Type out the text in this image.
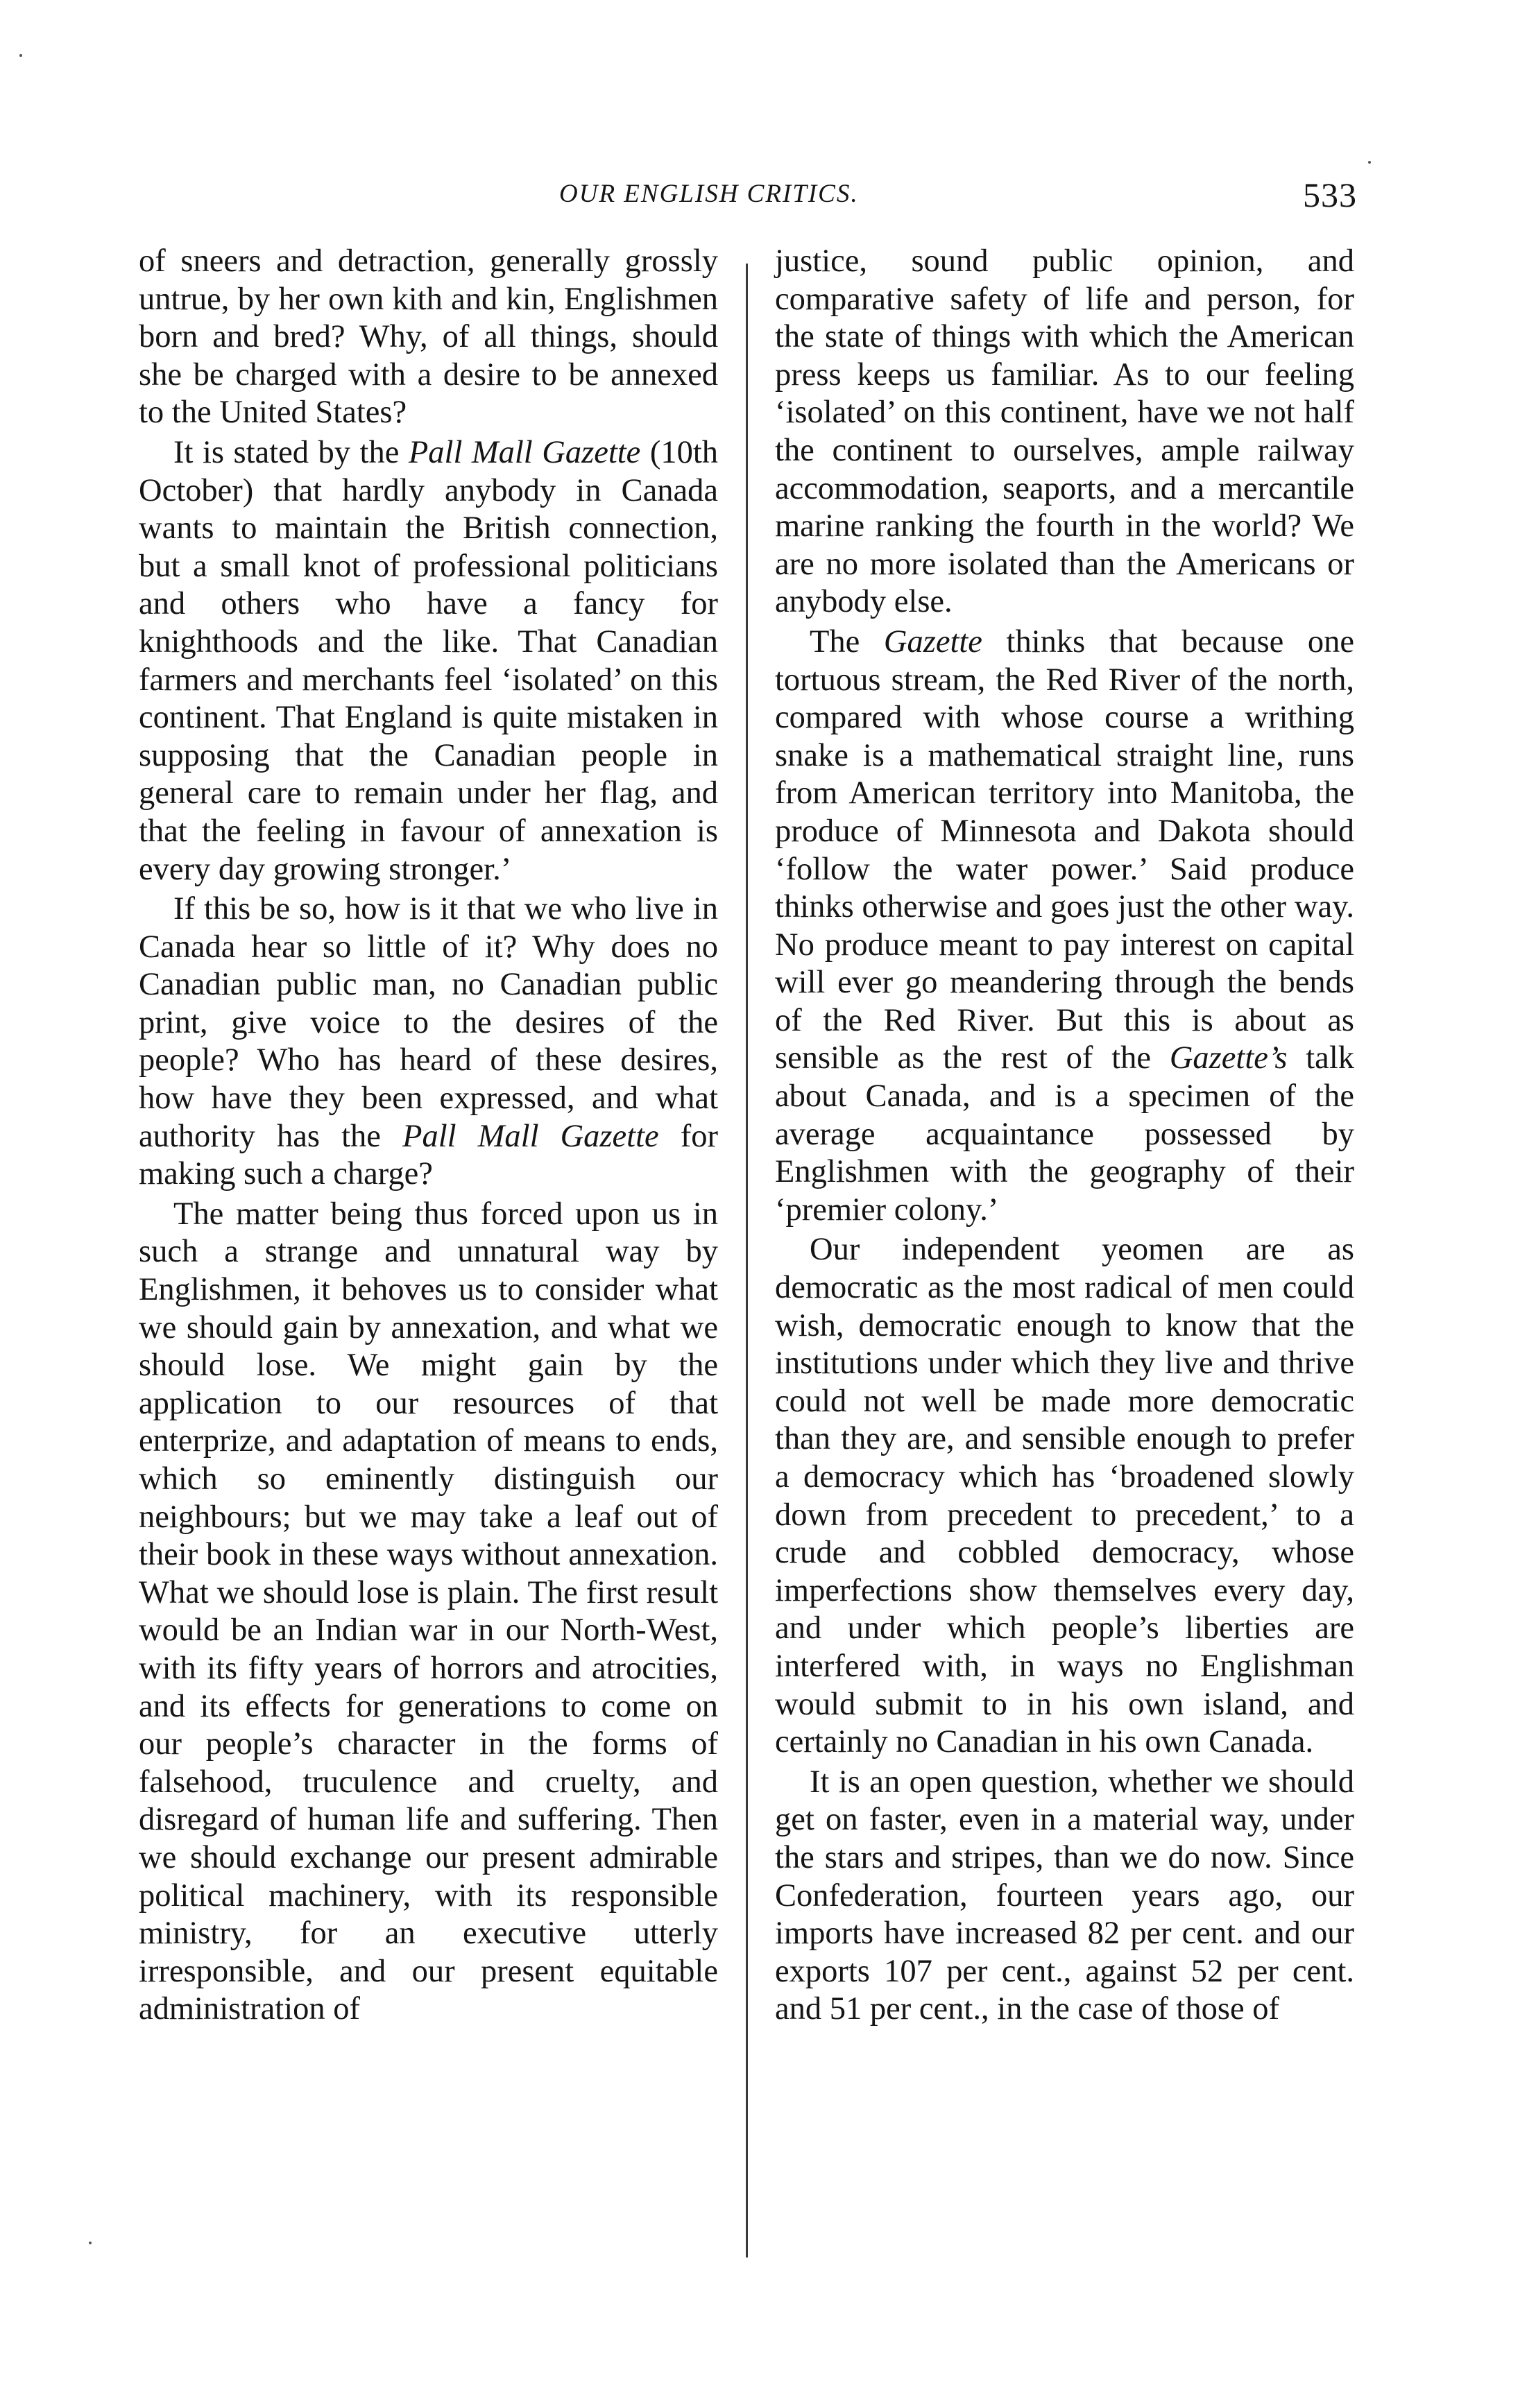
OUR ENGLISH CRITICS.	533

of sneers and detraction, generally grossly untrue, by her own kith and kin, Englishmen born and bred? Why, of all things, should she be charged with a desire to be annexed to the United States?

It is stated by the Pall Mall Gazette (10th October) that hardly anybody in Canada wants to maintain the British connection, but a small knot of professional politicians and others who have a fancy for knighthoods and the like. That Canadian farmers and merchants feel ‘isolated’ on this continent. That England is quite mistaken in supposing that the Canadian people in general care to remain under her flag, and that the feeling in favour of annexation is every day growing stronger.’

If this be so, how is it that we who live in Canada hear so little of it? Why does no Canadian public man, no Canadian public print, give voice to the desires of the people? Who has heard of these desires, how have they been expressed, and what authority has the Pall Mall Gazette for making such a charge?

The matter being thus forced upon us in such a strange and unnatural way by Englishmen, it behoves us to consider what we should gain by annexation, and what we should lose. We might gain by the application to our resources of that enterprize, and adaptation of means to ends, which so eminently distinguish our neighbours; but we may take a leaf out of their book in these ways without annexation. What we should lose is plain. The first result would be an Indian war in our North-West, with its fifty years of horrors and atrocities, and its effects for generations to come on our people’s character in the forms of falsehood, truculence and cruelty, and disregard of human life and suffering. Then we should exchange our present admirable political machinery, with its responsible ministry, for an executive utterly irresponsible, and our present equitable administration of

justice, sound public opinion, and comparative safety of life and person, for the state of things with which the American press keeps us familiar. As to our feeling ‘isolated’ on this continent, have we not half the continent to ourselves, ample railway accommodation, seaports, and a mercantile marine ranking the fourth in the world? We are no more isolated than the Americans or anybody else.

The Gazette thinks that because one tortuous stream, the Red River of the north, compared with whose course a writhing snake is a mathematical straight line, runs from American territory into Manitoba, the produce of Minnesota and Dakota should ‘follow the water power.’ Said produce thinks otherwise and goes just the other way. No produce meant to pay interest on capital will ever go meandering through the bends of the Red River. But this is about as sensible as the rest of the Gazette’s talk about Canada, and is a specimen of the average acquaintance possessed by Englishmen with the geography of their ‘premier colony.’

Our independent yeomen are as democratic as the most radical of men could wish, democratic enough to know that the institutions under which they live and thrive could not well be made more democratic than they are, and sensible enough to prefer a democracy which has ‘broadened slowly down from precedent to precedent,’ to a crude and cobbled democracy, whose imperfections show themselves every day, and under which people’s liberties are interfered with, in ways no Englishman would submit to in his own island, and certainly no Canadian in his own Canada.

It is an open question, whether we should get on faster, even in a material way, under the stars and stripes, than we do now. Since Confederation, fourteen years ago, our imports have increased 82 per cent. and our exports 107 per cent., against 52 per cent. and 51 per cent., in the case of those of
